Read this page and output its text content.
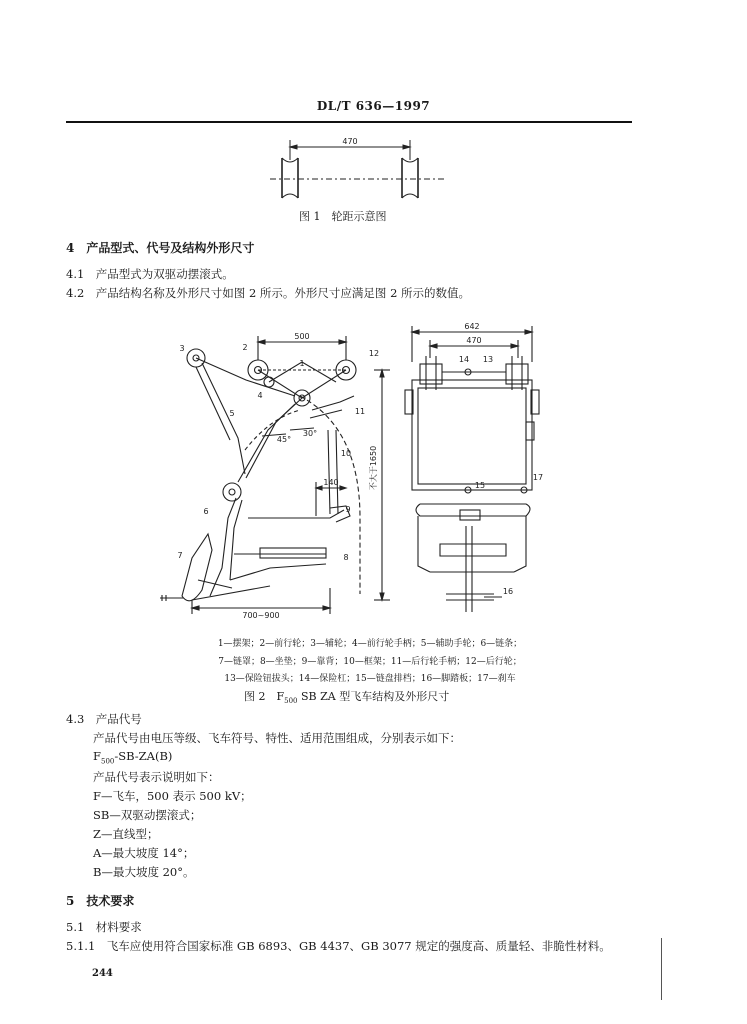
DL/T 636—1997
470
图 1　轮距示意图
4　产品型式、代号及结构外形尺寸
4.1　产品型式为双驱动摆滚式。
4.2　产品结构名称及外形尺寸如图 2 所示。外形尺寸应满足图 2 所示的数值。
500
642
470
45°
30°
140
700~900
不大于1650
3	2
12
1
4
5	11
10
6	9
7	8
14 13
15
17
16
1—摆架；2—前行轮；3—辅轮；4—前行轮手柄；5—辅助手轮；6—链条；
7—链罩；8—坐垫；9—靠背；10—框架；11—后行轮手柄；12—后行轮；
13—保险钮拔头；14—保险杠；15—链盘排档；16—脚踏板；17—刹车
图 2　$F_{500}$ SB ZA 型飞车结构及外形尺寸
4.3　产品代号
产品代号由电压等级、飞车符号、特性、适用范围组成，分别表示如下：
$F_{500}-SB-ZA(B)$
产品代号表示说明如下：
F—飞车，500 表示 500 kV；
SB—双驱动摆滚式；
Z—直线型；
A—最大坡度 14°；
B—最大坡度 20°。
5　技术要求
5.1　材料要求
5.1.1　飞车应使用符合国家标准 GB 6893、GB 4437、GB 3077 规定的强度高、质量轻、非脆性材料。
244
